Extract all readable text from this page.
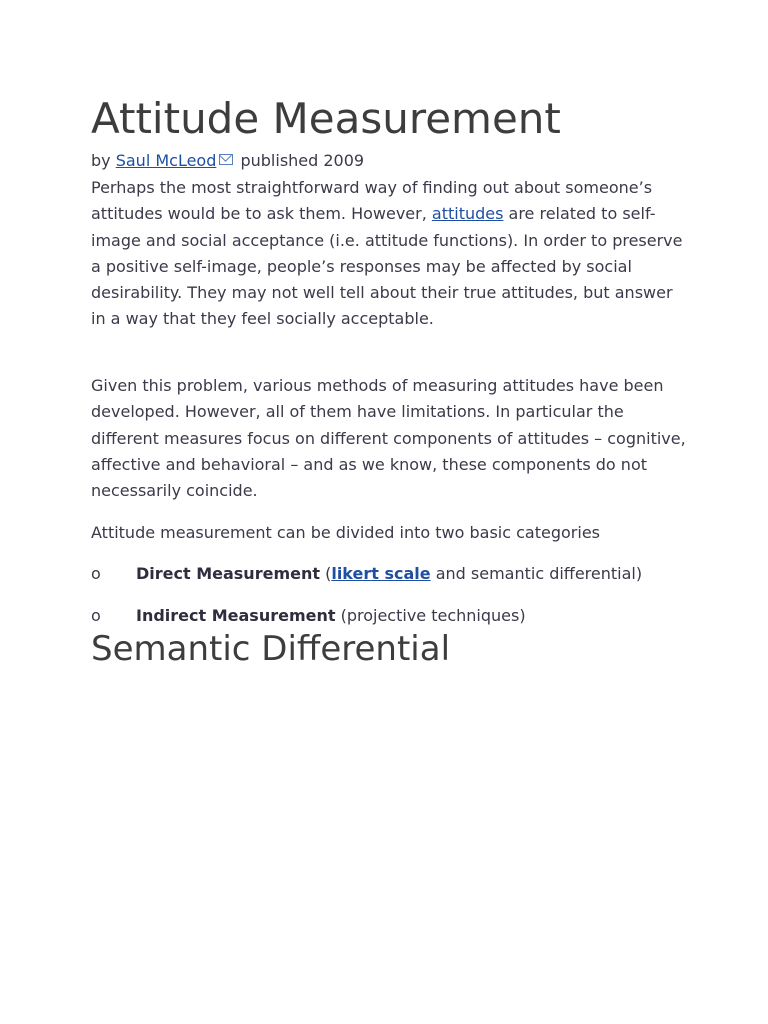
Attitude Measurement
by Saul McLeod published 2009

Perhaps the most straightforward way of finding out about someone’s attitudes would be to ask them. However, attitudes are related to self-image and social acceptance (i.e. attitude functions). In order to preserve a positive self-image, people’s responses may be affected by social desirability. They may not well tell about their true attitudes, but answer in a way that they feel socially acceptable.

Given this problem, various methods of measuring attitudes have been developed. However, all of them have limitations. In particular the different measures focus on different components of attitudes – cognitive, affective and behavioral – and as we know, these components do not necessarily coincide.

Attitude measurement can be divided into two basic categories

o Direct Measurement (likert scale and semantic differential)
o Indirect Measurement (projective techniques)
Semantic Differential
